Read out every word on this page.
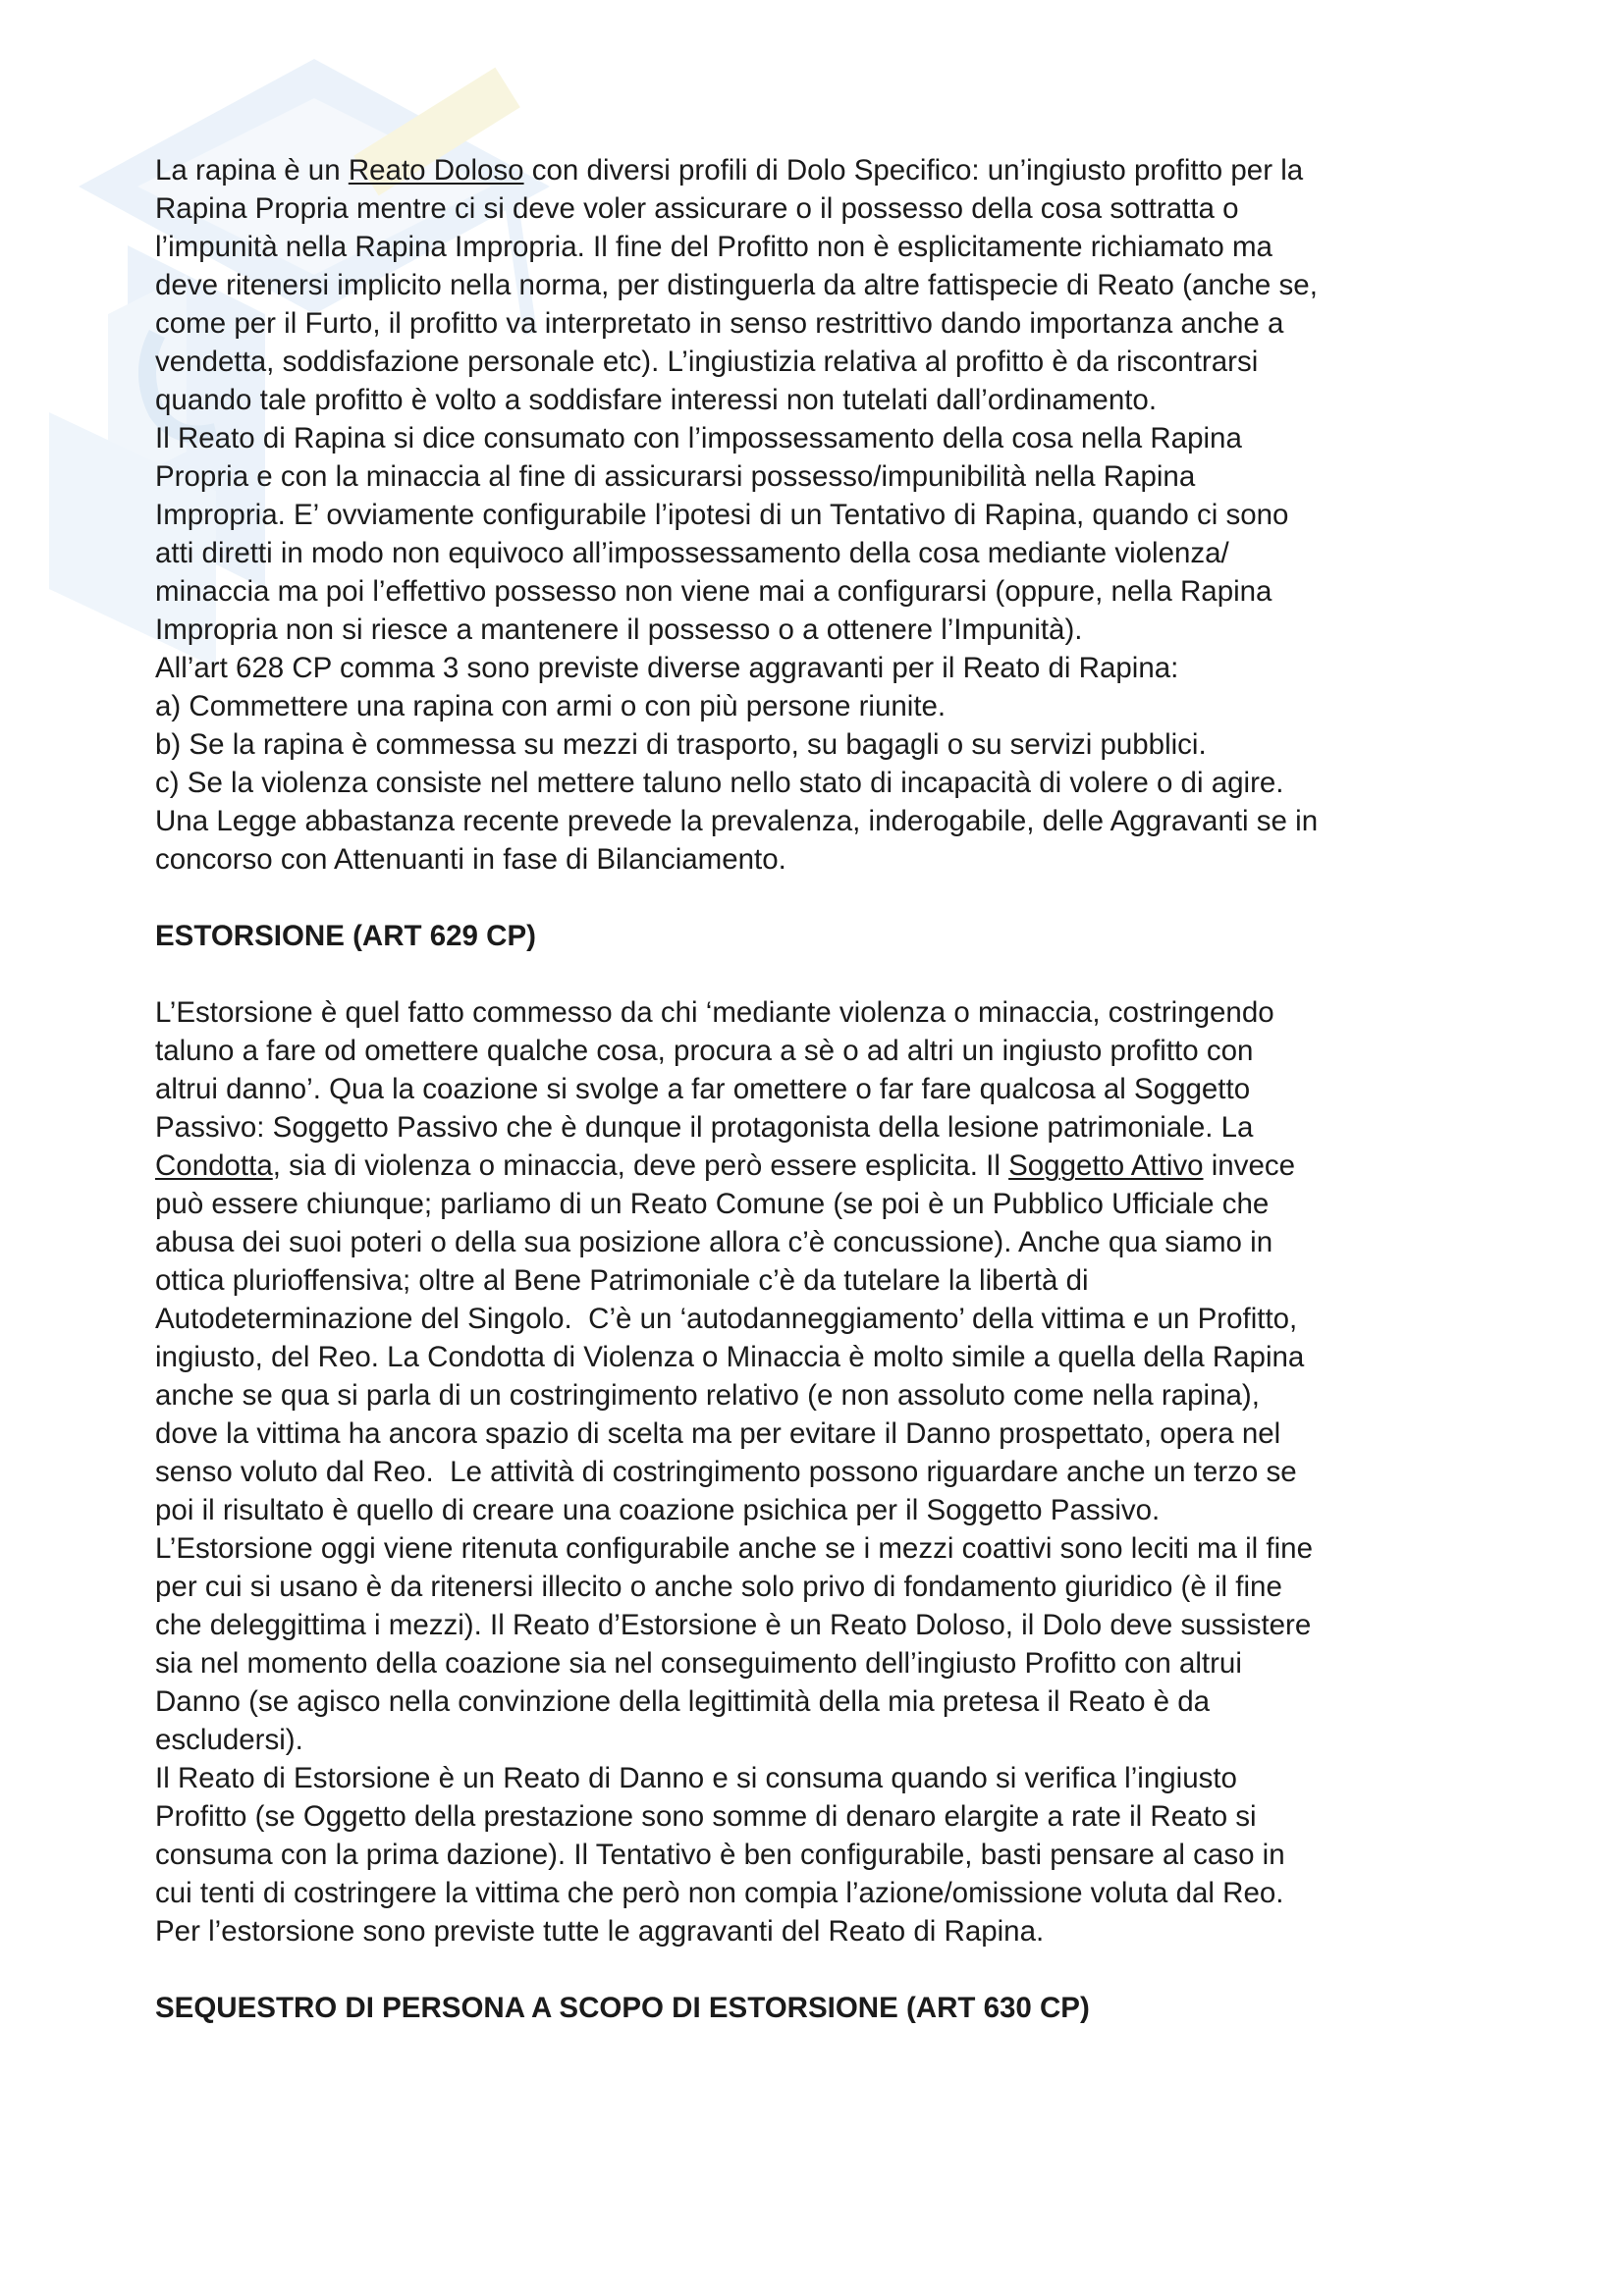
La rapina è un Reato Doloso con diversi profili di Dolo Specifico: un’ingiusto profitto per la
Rapina Propria mentre ci si deve voler assicurare o il possesso della cosa sottratta o
l’impunità nella Rapina Impropria. Il fine del Profitto non è esplicitamente richiamato ma
deve ritenersi implicito nella norma, per distinguerla da altre fattispecie di Reato (anche se,
come per il Furto, il profitto va interpretato in senso restrittivo dando importanza anche a
vendetta, soddisfazione personale etc). L’ingiustizia relativa al profitto è da riscontrarsi
quando tale profitto è volto a soddisfare interessi non tutelati dall’ordinamento.
Il Reato di Rapina si dice consumato con l’impossessamento della cosa nella Rapina
Propria e con la minaccia al fine di assicurarsi possesso/impunibilità nella Rapina
Impropria. E’ ovviamente configurabile l’ipotesi di un Tentativo di Rapina, quando ci sono
atti diretti in modo non equivoco all’impossessamento della cosa mediante violenza/
minaccia ma poi l’effettivo possesso non viene mai a configurarsi (oppure, nella Rapina
Impropria non si riesce a mantenere il possesso o a ottenere l’Impunità).
All’art 628 CP comma 3 sono previste diverse aggravanti per il Reato di Rapina:
a) Commettere una rapina con armi o con più persone riunite.
b) Se la rapina è commessa su mezzi di trasporto, su bagagli o su servizi pubblici.
c) Se la violenza consiste nel mettere taluno nello stato di incapacità di volere o di agire.
Una Legge abbastanza recente prevede la prevalenza, inderogabile, delle Aggravanti se in
concorso con Attenuanti in fase di Bilanciamento.
ESTORSIONE (ART 629 CP)
L’Estorsione è quel fatto commesso da chi ‘mediante violenza o minaccia, costringendo
taluno a fare od omettere qualche cosa, procura a sè o ad altri un ingiusto profitto con
altrui danno’. Qua la coazione si svolge a far omettere o far fare qualcosa al Soggetto
Passivo: Soggetto Passivo che è dunque il protagonista della lesione patrimoniale. La
Condotta, sia di violenza o minaccia, deve però essere esplicita. Il Soggetto Attivo invece
può essere chiunque; parliamo di un Reato Comune (se poi è un Pubblico Ufficiale che
abusa dei suoi poteri o della sua posizione allora c’è concussione). Anche qua siamo in
ottica plurioffensiva; oltre al Bene Patrimoniale c’è da tutelare la libertà di
Autodeterminazione del Singolo.  C’è un ‘autodanneggiamento’ della vittima e un Profitto,
ingiusto, del Reo. La Condotta di Violenza o Minaccia è molto simile a quella della Rapina
anche se qua si parla di un costringimento relativo (e non assoluto come nella rapina),
dove la vittima ha ancora spazio di scelta ma per evitare il Danno prospettato, opera nel
senso voluto dal Reo.  Le attività di costringimento possono riguardare anche un terzo se
poi il risultato è quello di creare una coazione psichica per il Soggetto Passivo.
L’Estorsione oggi viene ritenuta configurabile anche se i mezzi coattivi sono leciti ma il fine
per cui si usano è da ritenersi illecito o anche solo privo di fondamento giuridico (è il fine
che deleggittima i mezzi). Il Reato d’Estorsione è un Reato Doloso, il Dolo deve sussistere
sia nel momento della coazione sia nel conseguimento dell’ingiusto Profitto con altrui
Danno (se agisco nella convinzione della legittimità della mia pretesa il Reato è da
escludersi).
Il Reato di Estorsione è un Reato di Danno e si consuma quando si verifica l’ingiusto
Profitto (se Oggetto della prestazione sono somme di denaro elargite a rate il Reato si
consuma con la prima dazione). Il Tentativo è ben configurabile, basti pensare al caso in
cui tenti di costringere la vittima che però non compia l’azione/omissione voluta dal Reo.
Per l’estorsione sono previste tutte le aggravanti del Reato di Rapina.
SEQUESTRO DI PERSONA A SCOPO DI ESTORSIONE (ART 630 CP)
